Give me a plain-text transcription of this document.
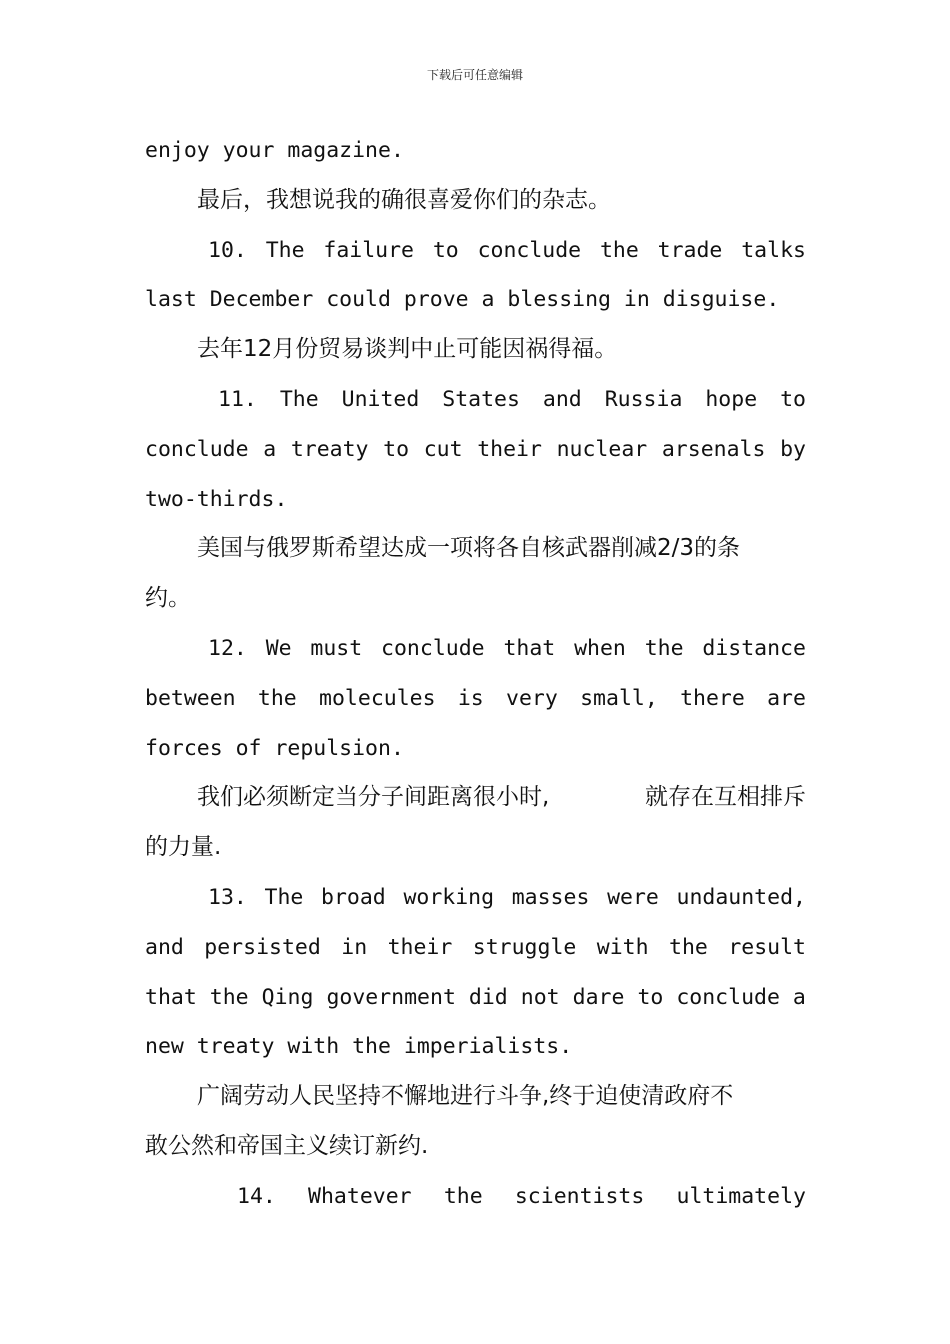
下载后可任意编辑
enjoy your magazine.
最后，我想说我的确很喜爱你们的杂志。
10. The failure to conclude the trade talks
last December could prove a blessing in disguise.
去年12月份贸易谈判中止可能因祸得福。
11. The United States and Russia hope to
conclude a treaty to cut their nuclear arsenals by
two-thirds.
美国与俄罗斯希望达成一项将各自核武器削减2/3的条
约。
12. We must conclude that when the distance
between the molecules is very small, there are
forces of repulsion.
我们必须断定当分子间距离很小时,	就存在互相排斥
的力量.
13. The broad working masses were undaunted,
and persisted in their struggle with the result
that the Qing government did not dare to conclude a
new treaty with the imperialists.
广阔劳动人民坚持不懈地进行斗争,终于迫使清政府不
敢公然和帝国主义续订新约.
14. Whatever the scientists ultimately
